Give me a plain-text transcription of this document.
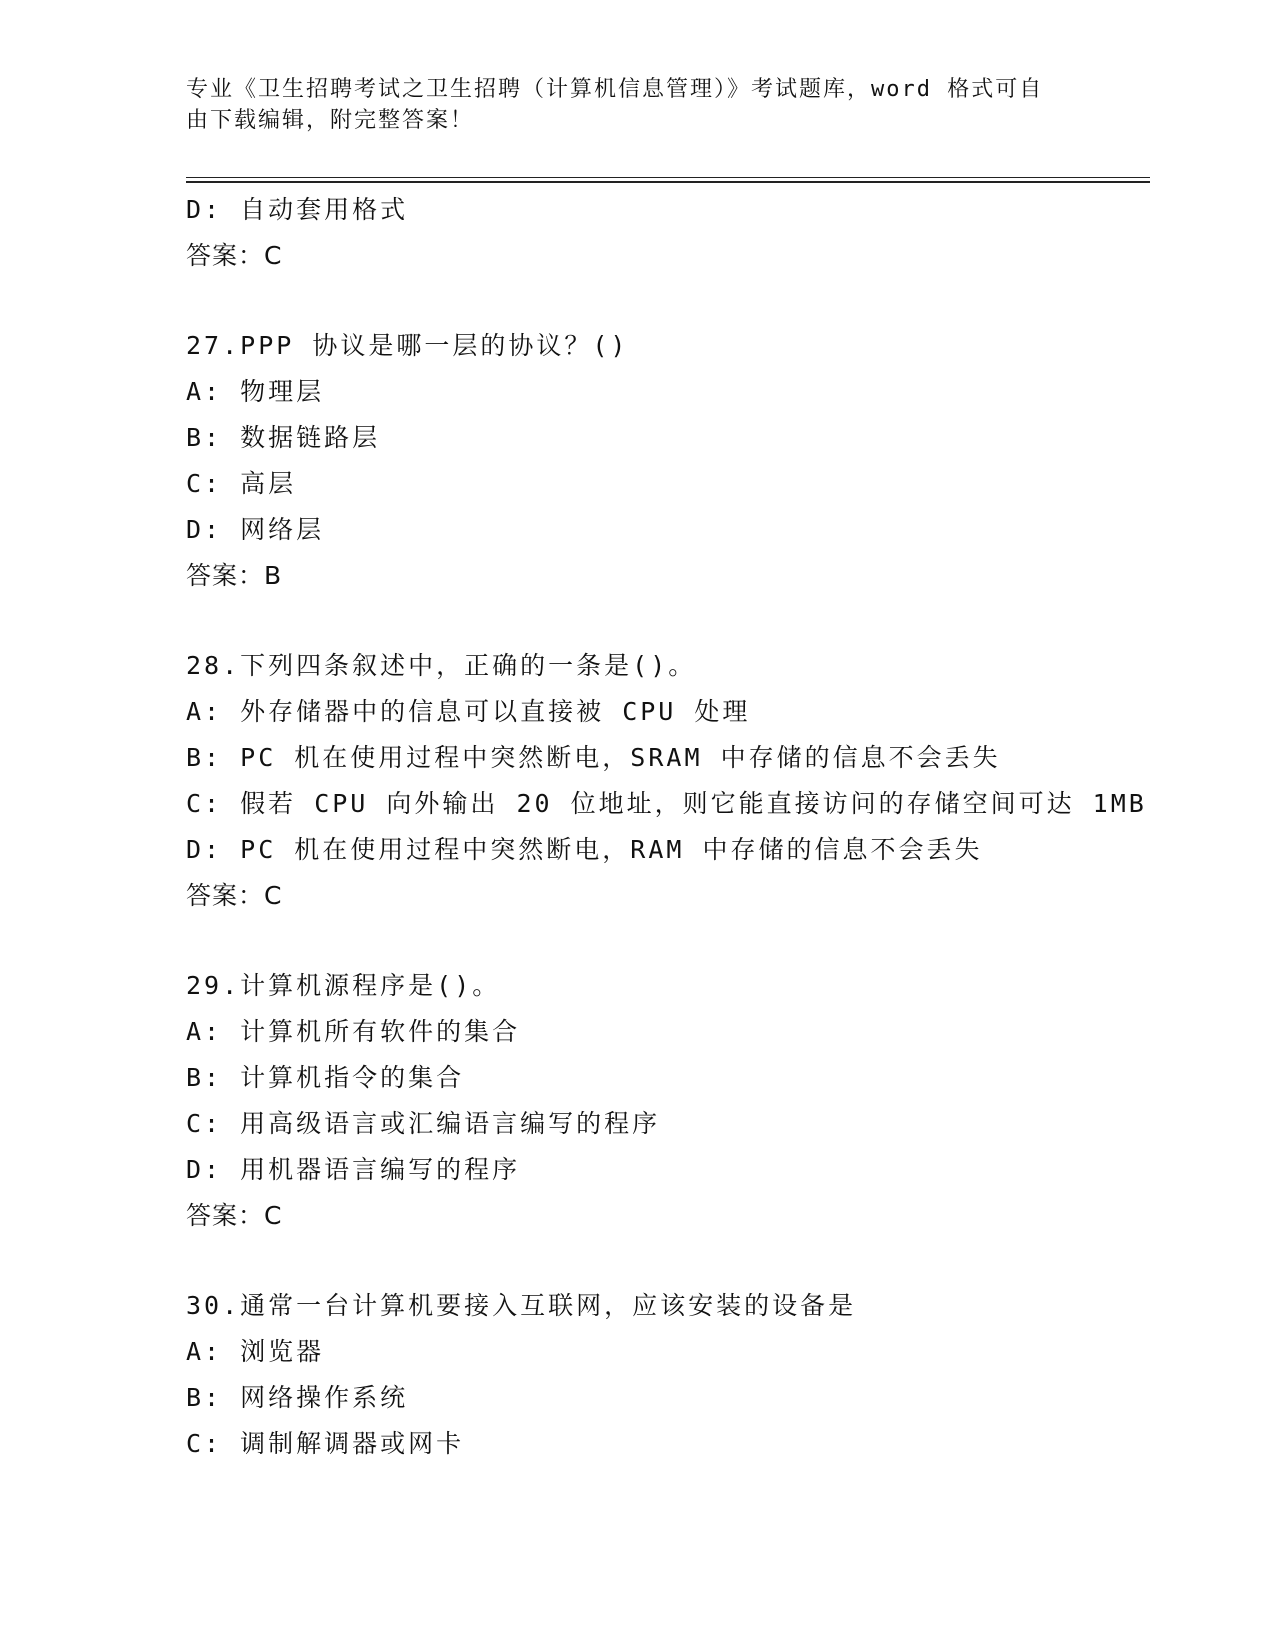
专业《卫生招聘考试之卫生招聘（计算机信息管理）》考试题库，word 格式可自
由下载编辑，附完整答案！
D: 自动套用格式
答案：C
27.PPP 协议是哪一层的协议？()
A: 物理层
B: 数据链路层
C: 高层
D: 网络层
答案：B
28.下列四条叙述中，正确的一条是()。
A: 外存储器中的信息可以直接被 CPU 处理
B: PC 机在使用过程中突然断电，SRAM 中存储的信息不会丢失
C: 假若 CPU 向外输出 20 位地址，则它能直接访问的存储空间可达 1MB
D: PC 机在使用过程中突然断电，RAM 中存储的信息不会丢失
答案：C
29.计算机源程序是()。
A: 计算机所有软件的集合
B: 计算机指令的集合
C: 用高级语言或汇编语言编写的程序
D: 用机器语言编写的程序
答案：C
30.通常一台计算机要接入互联网，应该安装的设备是
A: 浏览器
B: 网络操作系统
C: 调制解调器或网卡
